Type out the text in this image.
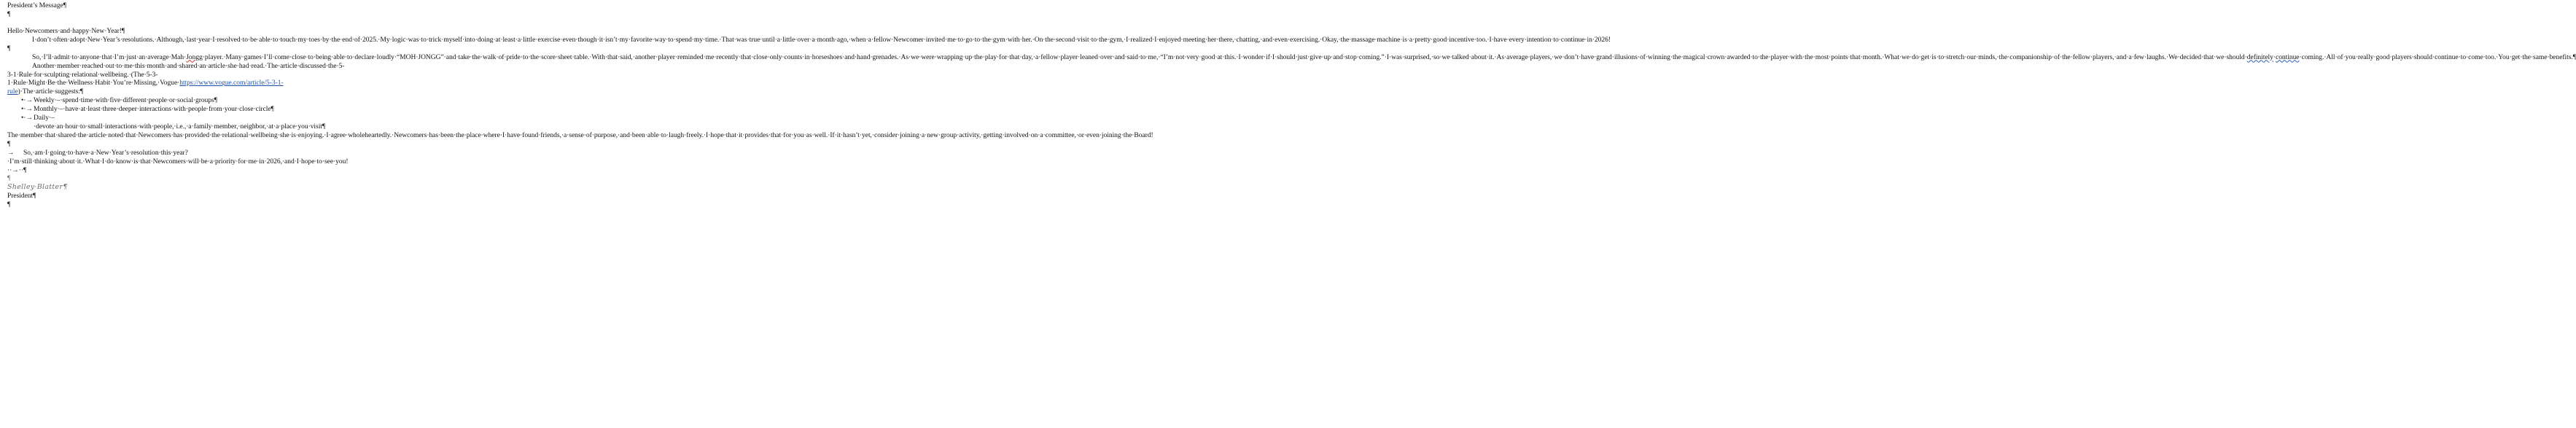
President’s Message¶

¶

Hello·Newcomers·and·happy·New·Year!¶

I·don’t·often·adopt·New·Year’s·resolutions.·Although,·last·year·I·resolved·to·be·able·to·touch·my·toes·by·the·end·of·2025.·My·logic·was·to·trick·myself·into·doing·at·least·a·little·exercise·even·though·it·isn’t·my·favorite·way·to·spend·my·time.·That·was·true·until·a·little·over·a·month·ago,·when·a·fellow·Newcomer·invited·me·to·go·to·the·gym·with·her.·On·the·second·visit·to·the·gym,·I·realized·I·enjoyed·meeting·her·there,·chatting,·and·even·exercising.·Okay,·the·massage·machine·is·a·pretty·good·incentive·too.·I·have·every·intention·to·continue·in·2026!¶

So,·I’ll·admit·to·anyone·that·I’m·just·an·average·Mah·Jongg·player.·Many·games·I’ll·come·close·to·being·able·to·declare·loudly·“MOH·JONGG”·and·take·the·walk·of·pride·to·the·score·sheet·table.·With·that·said,·another·player·reminded·me·recently·that·close·only·counts·in·horseshoes·and·hand·grenades.·As·we·were·wrapping·up·the·play·for·that·day,·a·fellow·player·leaned·over·and·said·to·me,·“I’m·not·very·good·at·this.·I·wonder·if·I·should·just·give·up·and·stop·coming.”·I·was·surprised,·so·we·talked·about·it.·As·average·players,·we·don’t·have·grand·illusions·of·winning·the·magical·crown·awarded·to·the·player·with·the·most·points·that·month.·What·we·do·get·is·to·stretch·our·minds,·the·companionship·of·the·fellow·players,·and·a·few·laughs.·We·decided·that·we·should·definitely·continue·coming.·All·of·you·really·good·players·should·continue·to·come·too.·You·get·the·same·benefits.¶

Another·member·reached·out·to·me·this·month·and·shared·an·article·she·had·read.·The·article·discussed·the·5-3-1·Rule·for·sculpting·relational·wellbeing.·(The·5-3-1·Rule·Might·Be·the·Wellness·Habit·You’re·Missing,·Vogue·https://www.vogue.com/article/5-3-1-rule)·The·article·suggests:¶

•·→ Weekly·–·spend·time·with·five·different·people·or·social·groups¶
•·→ Monthly·–·have·at·least·three·deeper·interactions·with·people·from·your·close·circle¶
•·→ Daily·–·devote·an·hour·to·small·interactions·with·people,·i.e.,·a·family·member,·neighbor,·at·a·place·you·visit¶

The·member·that·shared·the·article·noted·that·Newcomers·has·provided·the·relational·wellbeing·she·is·enjoying.·I·agree·wholeheartedly.·Newcomers·has·been·the·place·where·I·have·found·friends,·a·sense·of·purpose,·and·been·able·to·laugh·freely.·I·hope·that·it·provides·that·for·you·as·well.·If·it·hasn’t·yet,·consider·joining·a·new·group·activity,·getting·involved·on·a·committee,·or·even·joining·the·Board!¶

→ So,·am·I·going·to·have·a·New·Year’s·resolution·this·year?·I’m·still·thinking·about·it.·What·I·do·know·is·that·Newcomers·will·be·a·priority·for·me·in·2026,·and·I·hope·to·see·you!··→··¶

¶

Shelley·Blatter¶

President¶

¶
